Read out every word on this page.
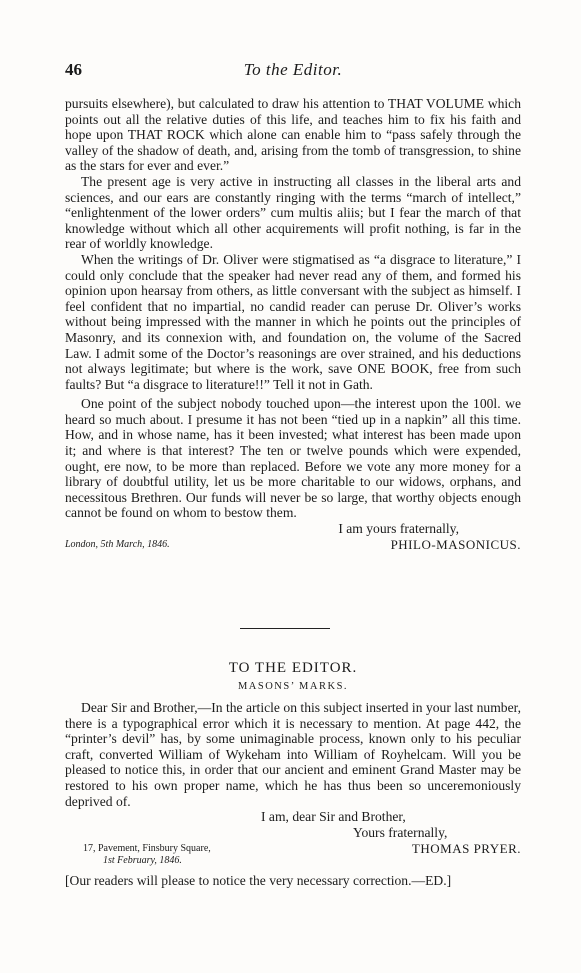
46	To the Editor.

pursuits elsewhere), but calculated to draw his attention to THAT VOLUME which points out all the relative duties of this life, and teaches him to fix his faith and hope upon THAT ROCK which alone can enable him to “pass safely through the valley of the shadow of death, and, arising from the tomb of transgression, to shine as the stars for ever and ever.”

The present age is very active in instructing all classes in the liberal arts and sciences, and our ears are constantly ringing with the terms “march of intellect,” “enlightenment of the lower orders” cum multis aliis; but I fear the march of that knowledge without which all other acquirements will profit nothing, is far in the rear of worldly knowledge.

When the writings of Dr. Oliver were stigmatised as “a disgrace to literature,” I could only conclude that the speaker had never read any of them, and formed his opinion upon hearsay from others, as little conversant with the subject as himself. I feel confident that no impartial, no candid reader can peruse Dr. Oliver’s works without being impressed with the manner in which he points out the principles of Masonry, and its connexion with, and foundation on, the volume of the Sacred Law. I admit some of the Doctor’s reasonings are over strained, and his deductions not always legitimate; but where is the work, save ONE BOOK, free from such faults? But “a disgrace to literature!!” Tell it not in Gath.

One point of the subject nobody touched upon—the interest upon the 100l. we heard so much about. I presume it has not been “tied up in a napkin” all this time. How, and in whose name, has it been invested; what interest has been made upon it; and where is that interest? The ten or twelve pounds which were expended, ought, ere now, to be more than replaced. Before we vote any more money for a library of doubtful utility, let us be more charitable to our widows, orphans, and necessitous Brethren. Our funds will never be so large, that worthy objects enough cannot be found on whom to bestow them.

I am yours fraternally,
London, 5th March, 1846.	PHILO-MASONICUS.
TO THE EDITOR.
MASONS’ MARKS.

Dear Sir and Brother,—In the article on this subject inserted in your last number, there is a typographical error which it is necessary to mention. At page 442, the “printer’s devil” has, by some unimaginable process, known only to his peculiar craft, converted William of Wykeham into William of Royhelcam. Will you be pleased to notice this, in order that our ancient and eminent Grand Master may be restored to his own proper name, which he has thus been so unceremoniously deprived of.

I am, dear Sir and Brother,
Yours fraternally,
17, Pavement, Finsbury Square,
1st February, 1846.
THOMAS PRYER.
[Our readers will please to notice the very necessary correction.—ED.]
